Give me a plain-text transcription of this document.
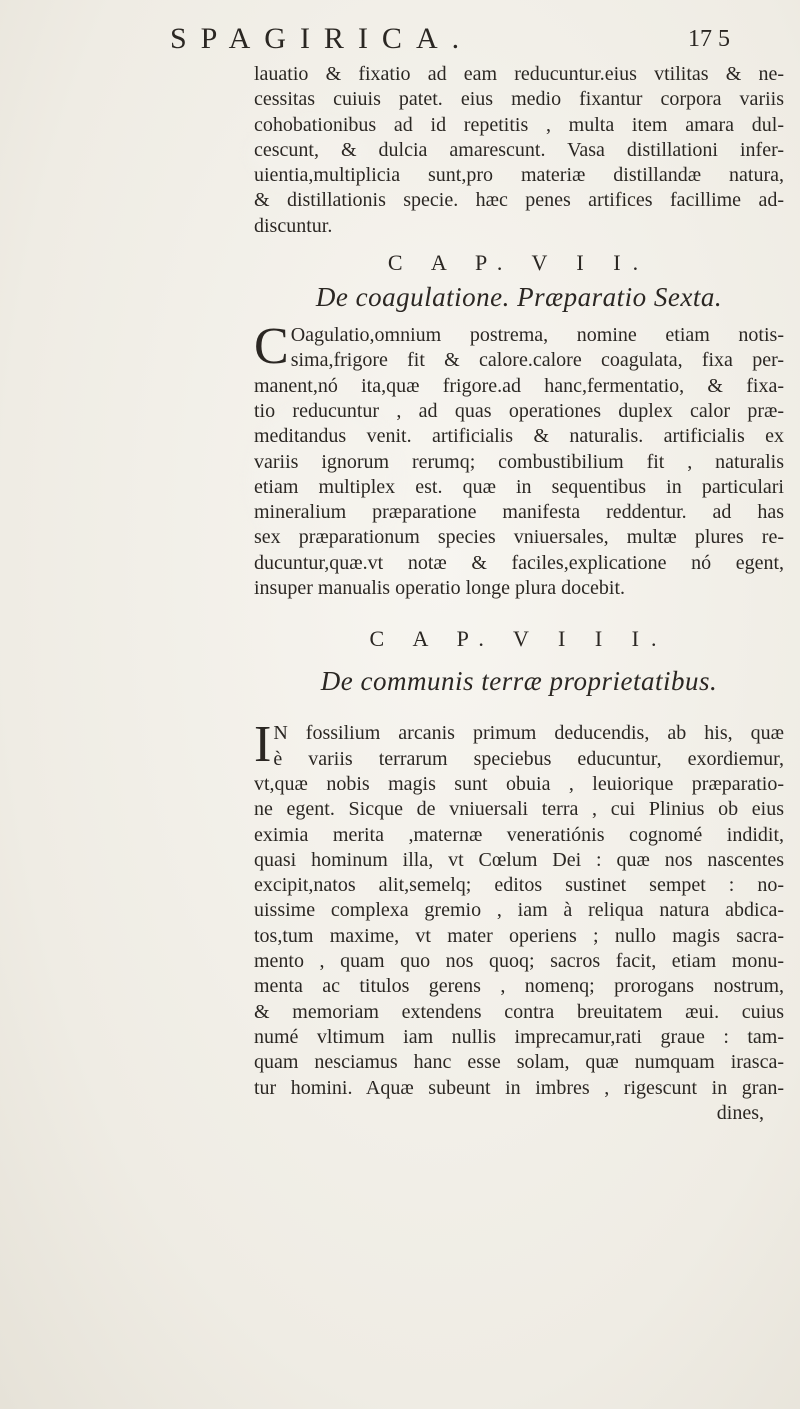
SPAGIRICA.	17 5
lauatio & fixatio ad eam reducuntur.eius vtilitas & ne-
cessitas cuiuis patet. eius medio fixantur corpora variis
cohobationibus ad id repetitis , multa item amara dul-
cescunt, & dulcia amarescunt. Vasa distillationi infer-
uientia,multiplicia sunt,pro materiæ distillandæ natura,
& distillationis specie. hæc penes artifices facillime ad-
discuntur.
C A P. V I I.
De coagulatione. Præparatio Sexta.
C Oagulatio,omnium postrema, nomine etiam notis-
sima,frigore fit & calore.calore coagulata, fixa per-
manent,nó ita,quæ frigore.ad hanc,fermentatio, & fixa-
tio reducuntur , ad quas operationes duplex calor præ-
meditandus venit. artificialis & naturalis. artificialis ex
variis ignorum rerumq; combustibilium fit , naturalis
etiam multiplex est. quæ in sequentibus in particulari
mineralium præparatione manifesta reddentur. ad has
sex præparationum species vniuersales, multæ plures re-
ducuntur,quæ.vt notæ & faciles,explicatione nó egent,
insuper manualis operatio longe plura docebit.
C A P. V I I I.
De communis terræ proprietatibus.
I N fossilium arcanis primum deducendis, ab his, quæ
è variis terrarum speciebus educuntur, exordiemur,
vt,quæ nobis magis sunt obuia , leuiorique præparatio-
ne egent. Sicque de vniuersali terra , cui Plinius ob eius
eximia merita ,maternæ veneratiónis cognomé indidit,
quasi hominum illa, vt Cœlum Dei : quæ nos nascentes
excipit,natos alit,semelq; editos sustinet sempet : no-
uissime complexa gremio , iam à reliqua natura abdica-
tos,tum maxime, vt mater operiens ; nullo magis sacra-
mento , quam quo nos quoq; sacros facit, etiam monu-
menta ac titulos gerens , nomenq; prorogans nostrum,
& memoriam extendens contra breuitatem æui. cuius
numé vltimum iam nullis imprecamur,rati graue : tam-
quam nesciamus hanc esse solam, quæ numquam irasca-
tur homini. Aquæ subeunt in imbres , rigescunt in gran-
dines,
